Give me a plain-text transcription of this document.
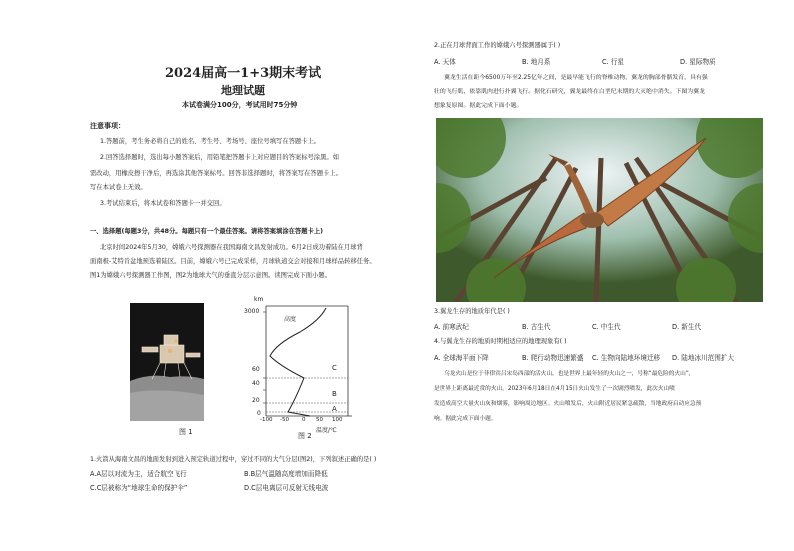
2024届高一1+3期末考试
地理试题
本试卷满分100分，考试用时75分钟
注意事项：
1.答题前，考生务必将自己的姓名、考生号、考场号、座位号填写在答题卡上。
2.回答选择题时，选出每小题答案后，用铅笔把答题卡上对应题目的答案标号涂黑。如
需改动，用橡皮擦干净后，再选涂其他答案标号。回答非选择题时，将答案写在答题卡上。
写在本试卷上无效。
3.考试结束后，将本试卷和答题卡一并交回。
一、选择题(每题3分，共48分。每题只有一个最佳答案。请将答案填涂在答题卡上)
北京时间2024年5月30，嫦娥六号探测器在我国海南文昌发射成功。6月2日成功着陆在月球背
面南极-艾特肯盆地预选着陆区。目前，嫦娥六号已完成采样，月球轨道交会对接和月球样品转移任务。
图1为嫦娥六号探测器工作图，图2为地球大气的垂直分层示意图。读图完成下面小题。
图 1
km
3000
60
40
20
0
高度
C
B
A
-100 -50 0 50 100
温度/℃
图 2
1.火箭从海南文昌的地面发射到进入预定轨道过程中，穿过不同的大气分层(图2)，下列叙述正确的是( )
A.A层以对流为主，适合航空飞行	B.B层气温随高度增加而降低
C.C层被称为“地球生命的保护伞”	D.C层电离层可反射无线电波
2.正在月球背面工作的嫦娥六号探测器属于( )
A. 天体	B. 地月系	C. 行星	D. 星际物质
翼龙生活在距今6500万年至2.25亿年之间，是最早能飞行的脊椎动物，翼龙的胸部骨骼发育，具有强
壮的飞行肌，依靠肌肉进行扑翼飞行。据化石研究，翼龙最终在白垩纪末期的大灭绝中消失。下图为翼龙
想象复原图。据此完成下面小题。
3.翼龙生存的地质年代是( )
A. 前寒武纪	B. 古生代	C. 中生代	D. 新生代
4.与翼龙生存的地质时期相适应的地理现象有( )
A. 全球海平面下降	B. 爬行动物迅速繁盛 C. 生物向陆地环境迁移 D. 陆地冰川范围扩大
乌龙火山是位于菲律宾吕宋岛西部的活火山，也是世界上最年轻的火山之一，号称“最危险的火山”，
是世界上距离最近赏的火山。2023年6月18日在4月15日火山发生了一次剧烈喷发，此次火山喷
发造成高空大量火山灰和烟雾，影响周边地区。火山喷发后，火山附近居民紧急疏散，当地政府启动应急预
响。据此完成下面小题。
